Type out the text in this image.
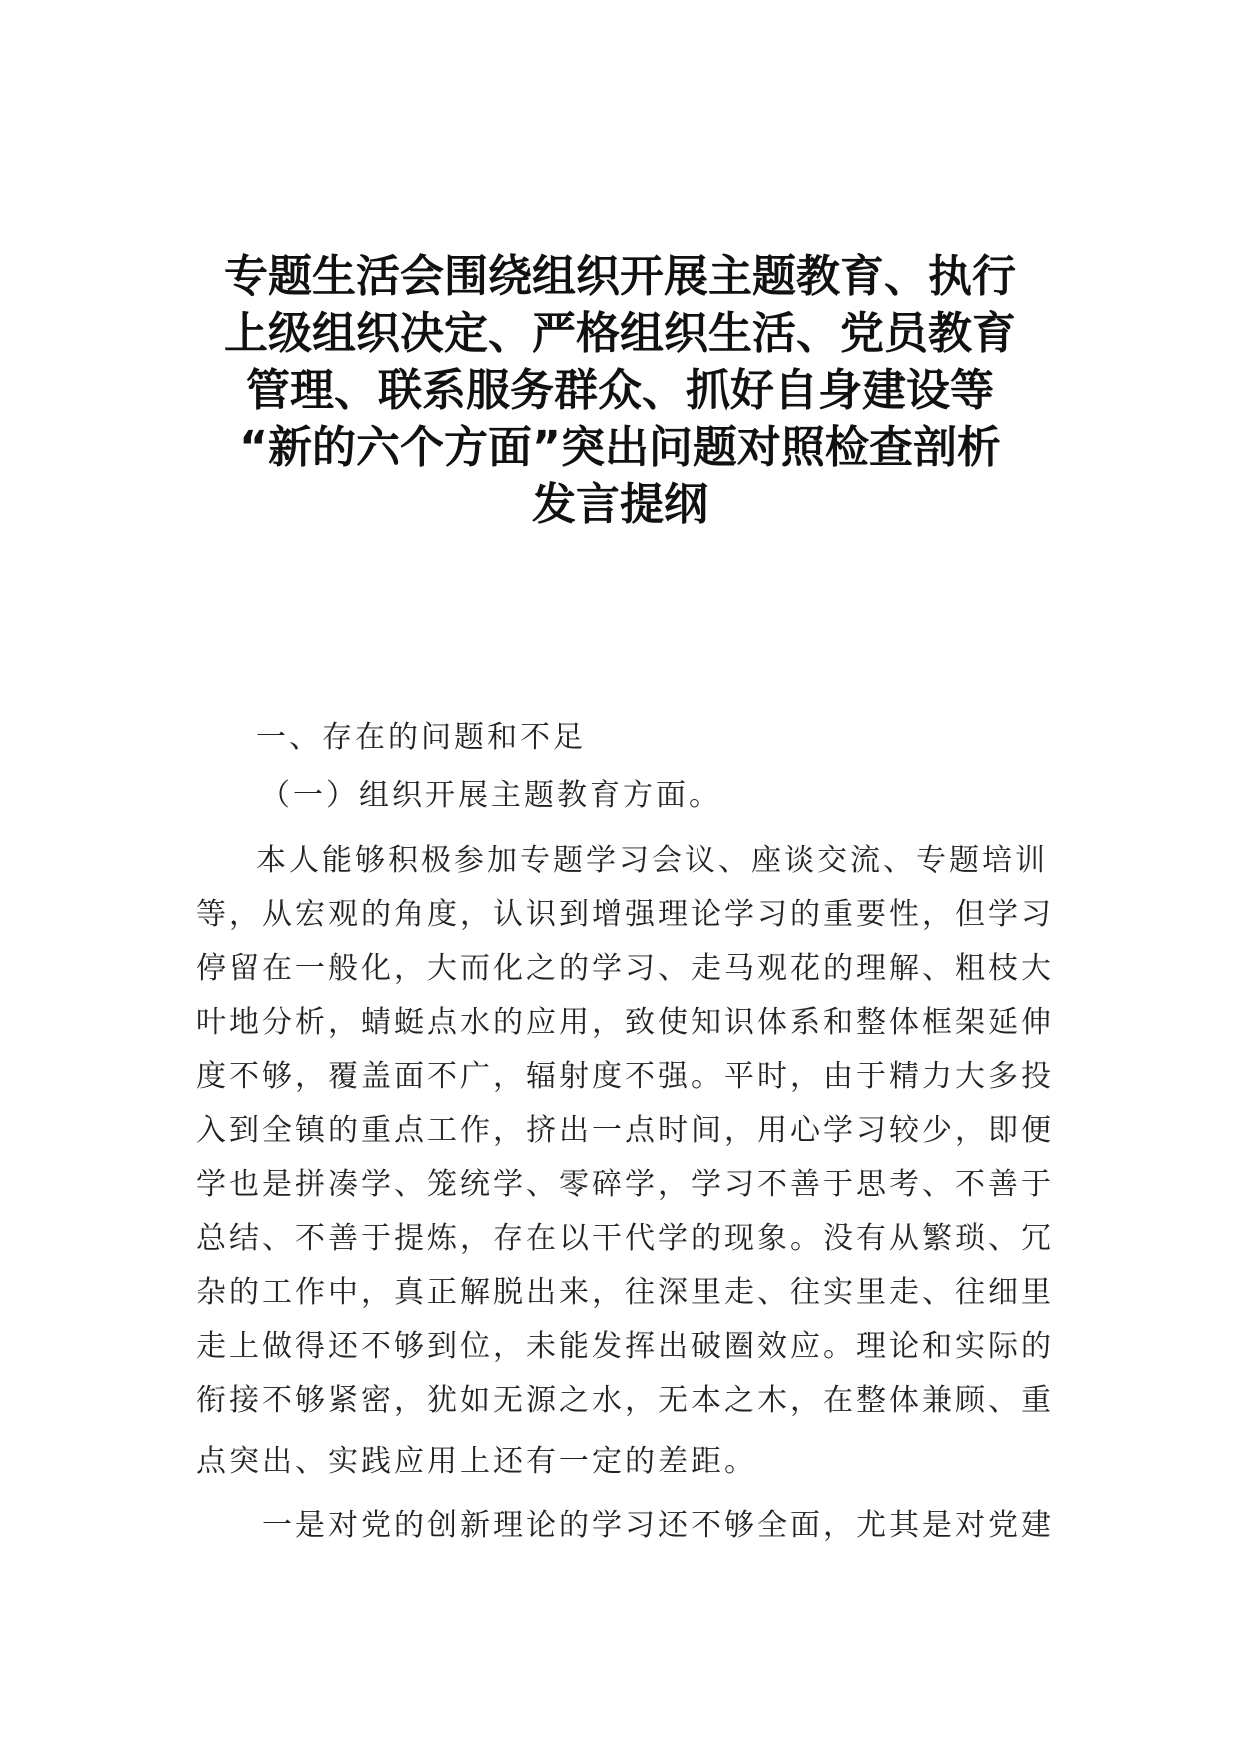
专题生活会围绕组织开展主题教育、执行
上级组织决定、严格组织生活、党员教育
管理、联系服务群众、抓好自身建设等
“新的六个方面”突出问题对照检查剖析
发言提纲
一、存在的问题和不足
（一）组织开展主题教育方面。
本人能够积极参加专题学习会议、座谈交流、专题培训
等，从宏观的角度，认识到增强理论学习的重要性，但学习
停留在一般化，大而化之的学习、走马观花的理解、粗枝大
叶地分析，蜻蜓点水的应用，致使知识体系和整体框架延伸
度不够，覆盖面不广，辐射度不强。平时，由于精力大多投
入到全镇的重点工作，挤出一点时间，用心学习较少，即便
学也是拼凑学、笼统学、零碎学，学习不善于思考、不善于
总结、不善于提炼，存在以干代学的现象。没有从繁琐、冗
杂的工作中，真正解脱出来，往深里走、往实里走、往细里
走上做得还不够到位，未能发挥出破圈效应。理论和实际的
衔接不够紧密，犹如无源之水，无本之木，在整体兼顾、重
点突出、实践应用上还有一定的差距。
一是对党的创新理论的学习还不够全面，尤其是对党建
